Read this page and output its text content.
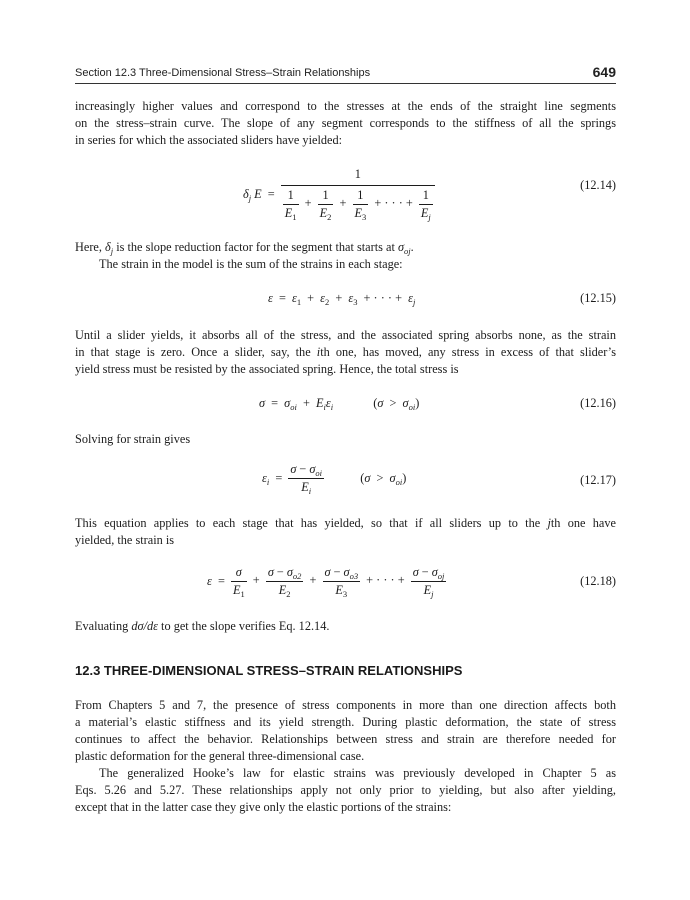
Section 12.3 Three-Dimensional Stress–Strain Relationships	649
increasingly higher values and correspond to the stresses at the ends of the straight line segments
on the stress–strain curve. The slope of any segment corresponds to the stiffness of all the springs
in series for which the associated sliders have yielded:
$\delta_j$ E =
1
$\frac{1}{E_1} + \frac{1}{E_2} + \frac{1}{E_3}$ + · · · + $\frac{1}{E_j}$
(12.14)
Here, $\delta_j$ is the slope reduction factor for the segment that starts at $\sigma_{oj}$.
The strain in the model is the sum of the strains in each stage:
$\varepsilon = \varepsilon_1 + \varepsilon_2 + \varepsilon_3$ + · · · + $\varepsilon_j$	(12.15)
Until a slider yields, it absorbs all of the stress, and the associated spring absorbs none, as the strain
in that stage is zero. Once a slider, say, the ith one, has moved, any stress in excess of that slider’s
yield stress must be resisted by the associated spring. Hence, the total stress is
$\sigma = \sigma_{oi} + E_i\varepsilon_i$	$(\sigma > \sigma_{oi})$	(12.16)
Solving for strain gives
$\varepsilon_i = \frac{\sigma - \sigma_{oi}}{E_i}$	$(\sigma > \sigma_{oi})$	(12.17)
This equation applies to each stage that has yielded, so that if all sliders up to the jth one have
yielded, the strain is
$\varepsilon = \frac{\sigma}{E_1} + \frac{\sigma - \sigma_{o2}}{E_2} + \frac{\sigma - \sigma_{o3}}{E_3}$ + · · · + $\frac{\sigma - \sigma_{oj}}{E_j}$	(12.18)
Evaluating dσ/dε to get the slope verifies Eq. 12.14.
12.3 THREE-DIMENSIONAL STRESS–STRAIN RELATIONSHIPS
From Chapters 5 and 7, the presence of stress components in more than one direction affects both
a material’s elastic stiffness and its yield strength. During plastic deformation, the state of stress
continues to affect the behavior. Relationships between stress and strain are therefore needed for
plastic deformation for the general three-dimensional case.
The generalized Hooke’s law for elastic strains was previously developed in Chapter 5 as
Eqs. 5.26 and 5.27. These relationships apply not only prior to yielding, but also after yielding,
except that in the latter case they give only the elastic portions of the strains:
